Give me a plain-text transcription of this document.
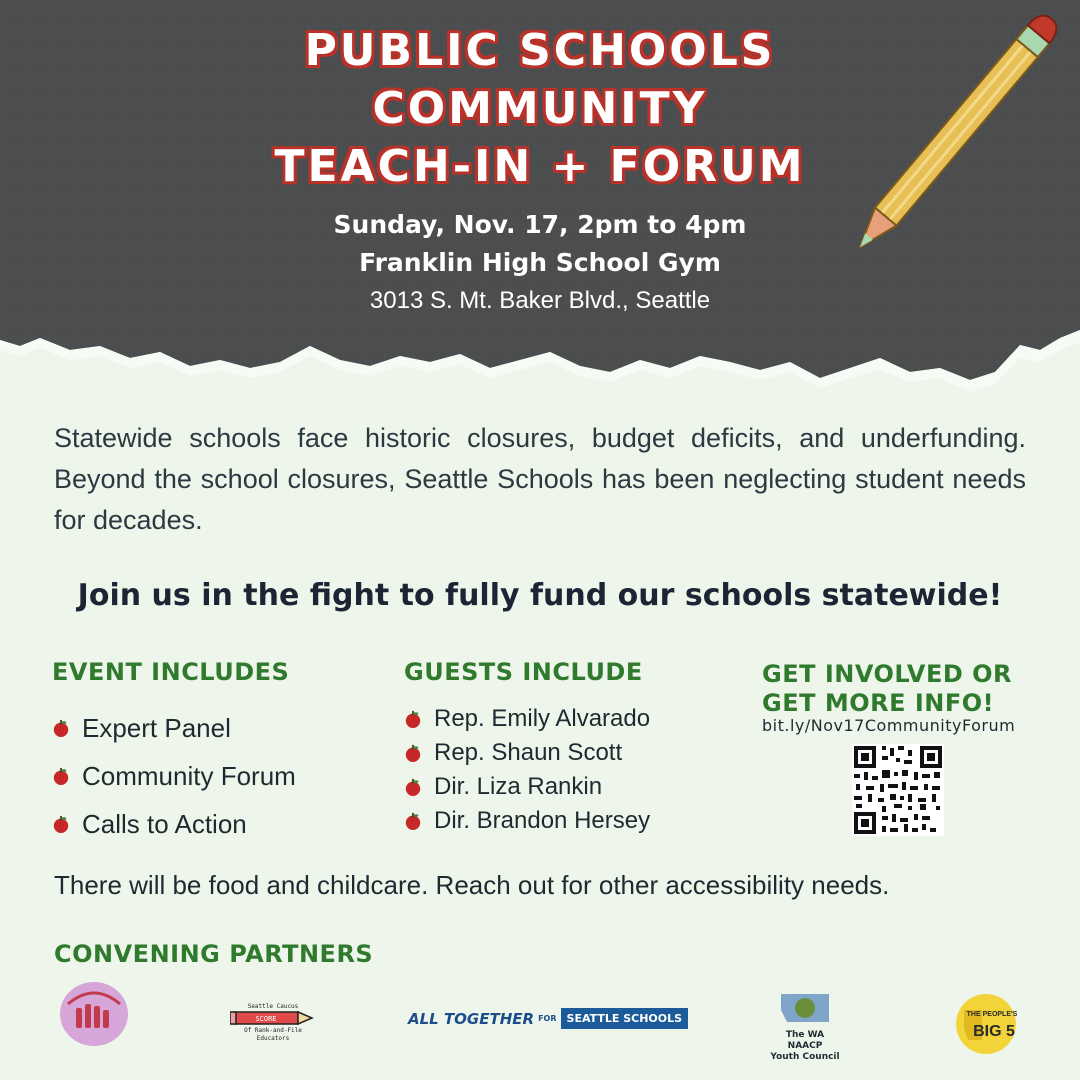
PUBLIC SCHOOLS
COMMUNITY
TEACH-IN + FORUM
Sunday, Nov. 17, 2pm to 4pm
Franklin High School Gym
3013 S. Mt. Baker Blvd., Seattle
Statewide schools face historic closures, budget deficits, and underfunding. Beyond the school closures, Seattle Schools has been neglecting student needs for decades.
Join us in the fight to fully fund our schools statewide!
EVENT INCLUDES
Expert Panel
Community Forum
Calls to Action
GUESTS INCLUDE
Rep. Emily Alvarado
Rep. Shaun Scott
Dir. Liza Rankin
Dir. Brandon Hersey
GET INVOLVED OR
GET MORE INFO!
bit.ly/Nov17CommunityForum
There will be food and childcare. Reach out for other accessibility needs.
CONVENING PARTNERS
Seattle Caucus
SCORE
Of Rank-and-File
Educators
ALL TOGETHER FOR SEATTLE SCHOOLS
The WA NAACP
Youth Council
THE PEOPLE'S
BIG 5
